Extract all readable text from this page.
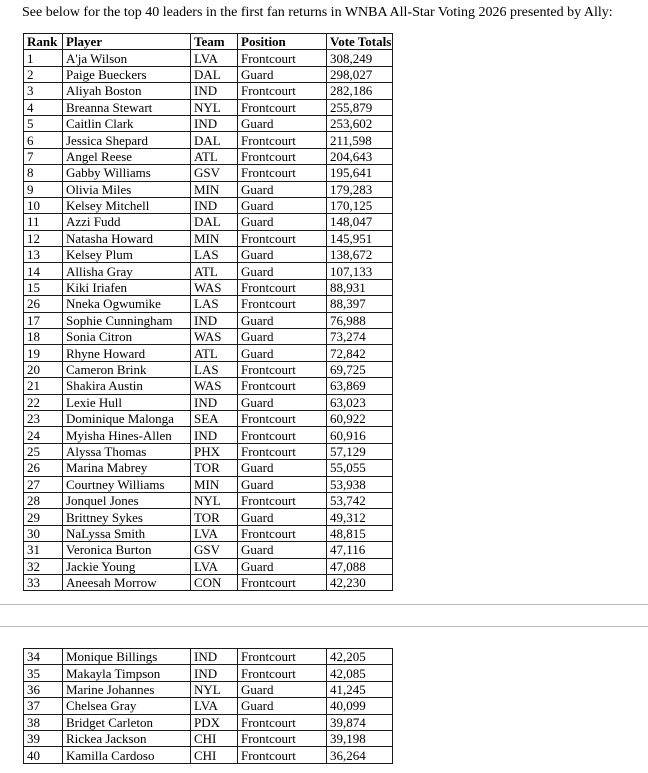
See below for the top 40 leaders in the first fan returns in WNBA All-Star Voting 2026 presented by Ally:
Rank	Player	Team	Position	Vote Totals
1	A'ja Wilson	LVA	Frontcourt	308,249
2	Paige Bueckers	DAL	Guard	298,027
3	Aliyah Boston	IND	Frontcourt	282,186
4	Breanna Stewart	NYL	Frontcourt	255,879
5	Caitlin Clark	IND	Guard	253,602
6	Jessica Shepard	DAL	Frontcourt	211,598
7	Angel Reese	ATL	Frontcourt	204,643
8	Gabby Williams	GSV	Frontcourt	195,641
9	Olivia Miles	MIN	Guard	179,283
10	Kelsey Mitchell	IND	Guard	170,125
11	Azzi Fudd	DAL	Guard	148,047
12	Natasha Howard	MIN	Frontcourt	145,951
13	Kelsey Plum	LAS	Guard	138,672
14	Allisha Gray	ATL	Guard	107,133
15	Kiki Iriafen	WAS	Frontcourt	88,931
26	Nneka Ogwumike	LAS	Frontcourt	88,397
17	Sophie Cunningham	IND	Guard	76,988
18	Sonia Citron	WAS	Guard	73,274
19	Rhyne Howard	ATL	Guard	72,842
20	Cameron Brink	LAS	Frontcourt	69,725
21	Shakira Austin	WAS	Frontcourt	63,869
22	Lexie Hull	IND	Guard	63,023
23	Dominique Malonga	SEA	Frontcourt	60,922
24	Myisha Hines-Allen	IND	Frontcourt	60,916
25	Alyssa Thomas	PHX	Frontcourt	57,129
26	Marina Mabrey	TOR	Guard	55,055
27	Courtney Williams	MIN	Guard	53,938
28	Jonquel Jones	NYL	Frontcourt	53,742
29	Brittney Sykes	TOR	Guard	49,312
30	NaLyssa Smith	LVA	Frontcourt	48,815
31	Veronica Burton	GSV	Guard	47,116
32	Jackie Young	LVA	Guard	47,088
33	Aneesah Morrow	CON	Frontcourt	42,230
34	Monique Billings	IND	Frontcourt	42,205
35	Makayla Timpson	IND	Frontcourt	42,085
36	Marine Johannes	NYL	Guard	41,245
37	Chelsea Gray	LVA	Guard	40,099
38	Bridget Carleton	PDX	Frontcourt	39,874
39	Rickea Jackson	CHI	Frontcourt	39,198
40	Kamilla Cardoso	CHI	Frontcourt	36,264
